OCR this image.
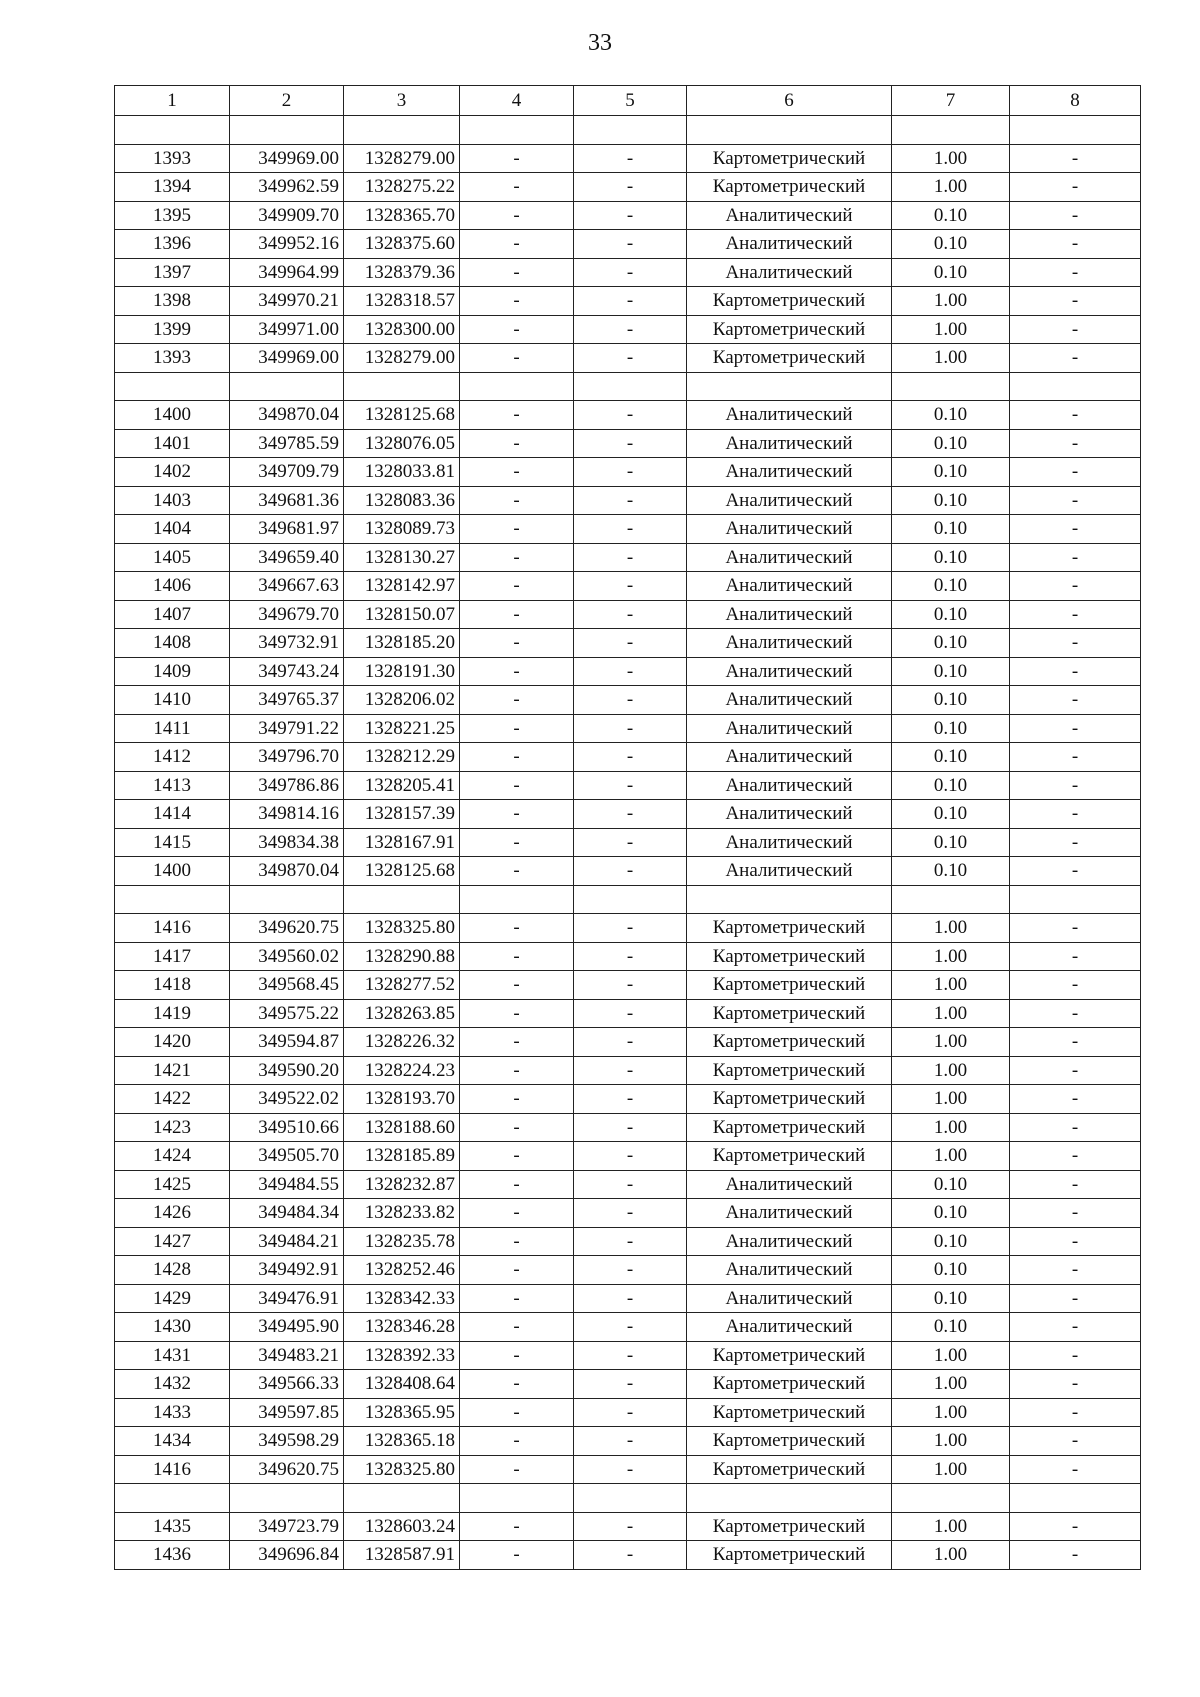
33
1	2	3	4	5	6	7	8

1393	349969.00	1328279.00	-	-	Картометрический	1.00	-
1394	349962.59	1328275.22	-	-	Картометрический	1.00	-
1395	349909.70	1328365.70	-	-	Аналитический	0.10	-
1396	349952.16	1328375.60	-	-	Аналитический	0.10	-
1397	349964.99	1328379.36	-	-	Аналитический	0.10	-
1398	349970.21	1328318.57	-	-	Картометрический	1.00	-
1399	349971.00	1328300.00	-	-	Картометрический	1.00	-
1393	349969.00	1328279.00	-	-	Картометрический	1.00	-

1400	349870.04	1328125.68	-	-	Аналитический	0.10	-
1401	349785.59	1328076.05	-	-	Аналитический	0.10	-
1402	349709.79	1328033.81	-	-	Аналитический	0.10	-
1403	349681.36	1328083.36	-	-	Аналитический	0.10	-
1404	349681.97	1328089.73	-	-	Аналитический	0.10	-
1405	349659.40	1328130.27	-	-	Аналитический	0.10	-
1406	349667.63	1328142.97	-	-	Аналитический	0.10	-
1407	349679.70	1328150.07	-	-	Аналитический	0.10	-
1408	349732.91	1328185.20	-	-	Аналитический	0.10	-
1409	349743.24	1328191.30	-	-	Аналитический	0.10	-
1410	349765.37	1328206.02	-	-	Аналитический	0.10	-
1411	349791.22	1328221.25	-	-	Аналитический	0.10	-
1412	349796.70	1328212.29	-	-	Аналитический	0.10	-
1413	349786.86	1328205.41	-	-	Аналитический	0.10	-
1414	349814.16	1328157.39	-	-	Аналитический	0.10	-
1415	349834.38	1328167.91	-	-	Аналитический	0.10	-
1400	349870.04	1328125.68	-	-	Аналитический	0.10	-

1416	349620.75	1328325.80	-	-	Картометрический	1.00	-
1417	349560.02	1328290.88	-	-	Картометрический	1.00	-
1418	349568.45	1328277.52	-	-	Картометрический	1.00	-
1419	349575.22	1328263.85	-	-	Картометрический	1.00	-
1420	349594.87	1328226.32	-	-	Картометрический	1.00	-
1421	349590.20	1328224.23	-	-	Картометрический	1.00	-
1422	349522.02	1328193.70	-	-	Картометрический	1.00	-
1423	349510.66	1328188.60	-	-	Картометрический	1.00	-
1424	349505.70	1328185.89	-	-	Картометрический	1.00	-
1425	349484.55	1328232.87	-	-	Аналитический	0.10	-
1426	349484.34	1328233.82	-	-	Аналитический	0.10	-
1427	349484.21	1328235.78	-	-	Аналитический	0.10	-
1428	349492.91	1328252.46	-	-	Аналитический	0.10	-
1429	349476.91	1328342.33	-	-	Аналитический	0.10	-
1430	349495.90	1328346.28	-	-	Аналитический	0.10	-
1431	349483.21	1328392.33	-	-	Картометрический	1.00	-
1432	349566.33	1328408.64	-	-	Картометрический	1.00	-
1433	349597.85	1328365.95	-	-	Картометрический	1.00	-
1434	349598.29	1328365.18	-	-	Картометрический	1.00	-
1416	349620.75	1328325.80	-	-	Картометрический	1.00	-

1435	349723.79	1328603.24	-	-	Картометрический	1.00	-
1436	349696.84	1328587.91	-	-	Картометрический	1.00	-
